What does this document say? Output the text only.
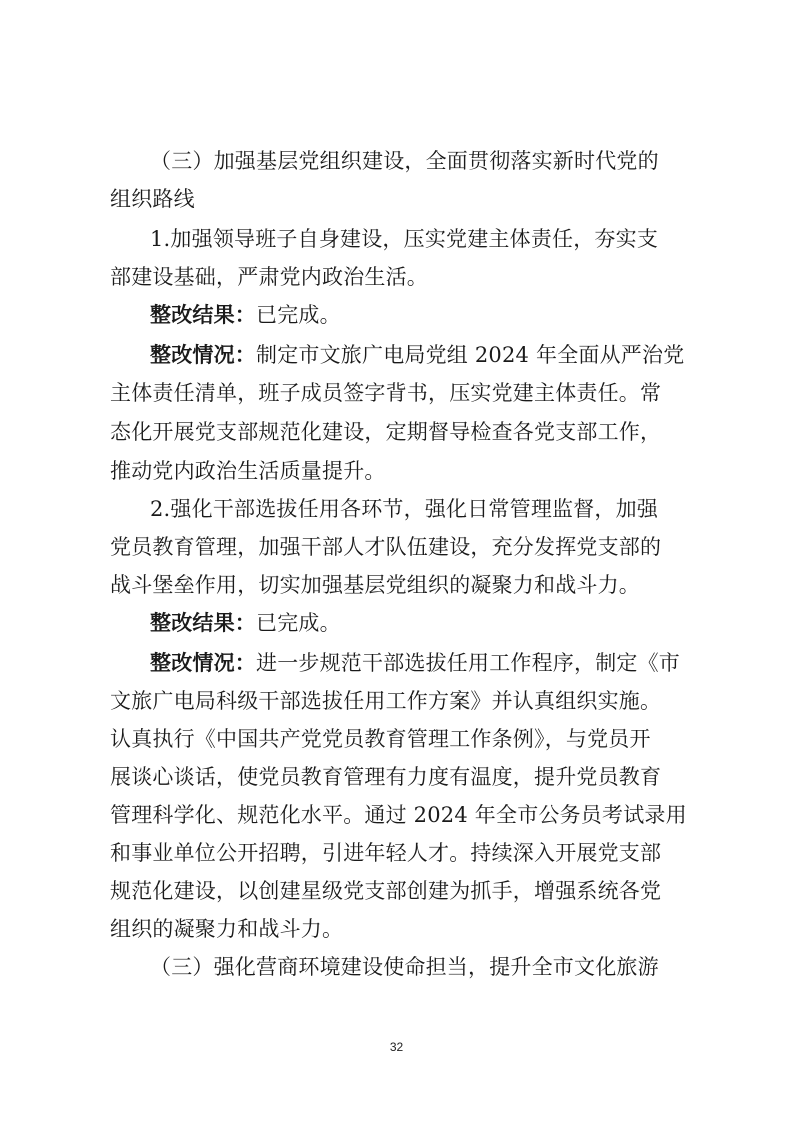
（三）加强基层党组织建设，全面贯彻落实新时代党的
组织路线
1.加强领导班子自身建设，压实党建主体责任，夯实支
部建设基础，严肃党内政治生活。
整改结果：已完成。
整改情况：制定市文旅广电局党组 2024 年全面从严治党
主体责任清单，班子成员签字背书，压实党建主体责任。常
态化开展党支部规范化建设，定期督导检查各党支部工作，
推动党内政治生活质量提升。
2.强化干部选拔任用各环节，强化日常管理监督，加强
党员教育管理，加强干部人才队伍建设，充分发挥党支部的
战斗堡垒作用，切实加强基层党组织的凝聚力和战斗力。
整改结果：已完成。
整改情况：进一步规范干部选拔任用工作程序，制定《市
文旅广电局科级干部选拔任用工作方案》并认真组织实施。
认真执行《中国共产党党员教育管理工作条例》，与党员开
展谈心谈话，使党员教育管理有力度有温度，提升党员教育
管理科学化、规范化水平。通过 2024 年全市公务员考试录用
和事业单位公开招聘，引进年轻人才。持续深入开展党支部
规范化建设，以创建星级党支部创建为抓手，增强系统各党
组织的凝聚力和战斗力。
（三）强化营商环境建设使命担当，提升全市文化旅游
32
